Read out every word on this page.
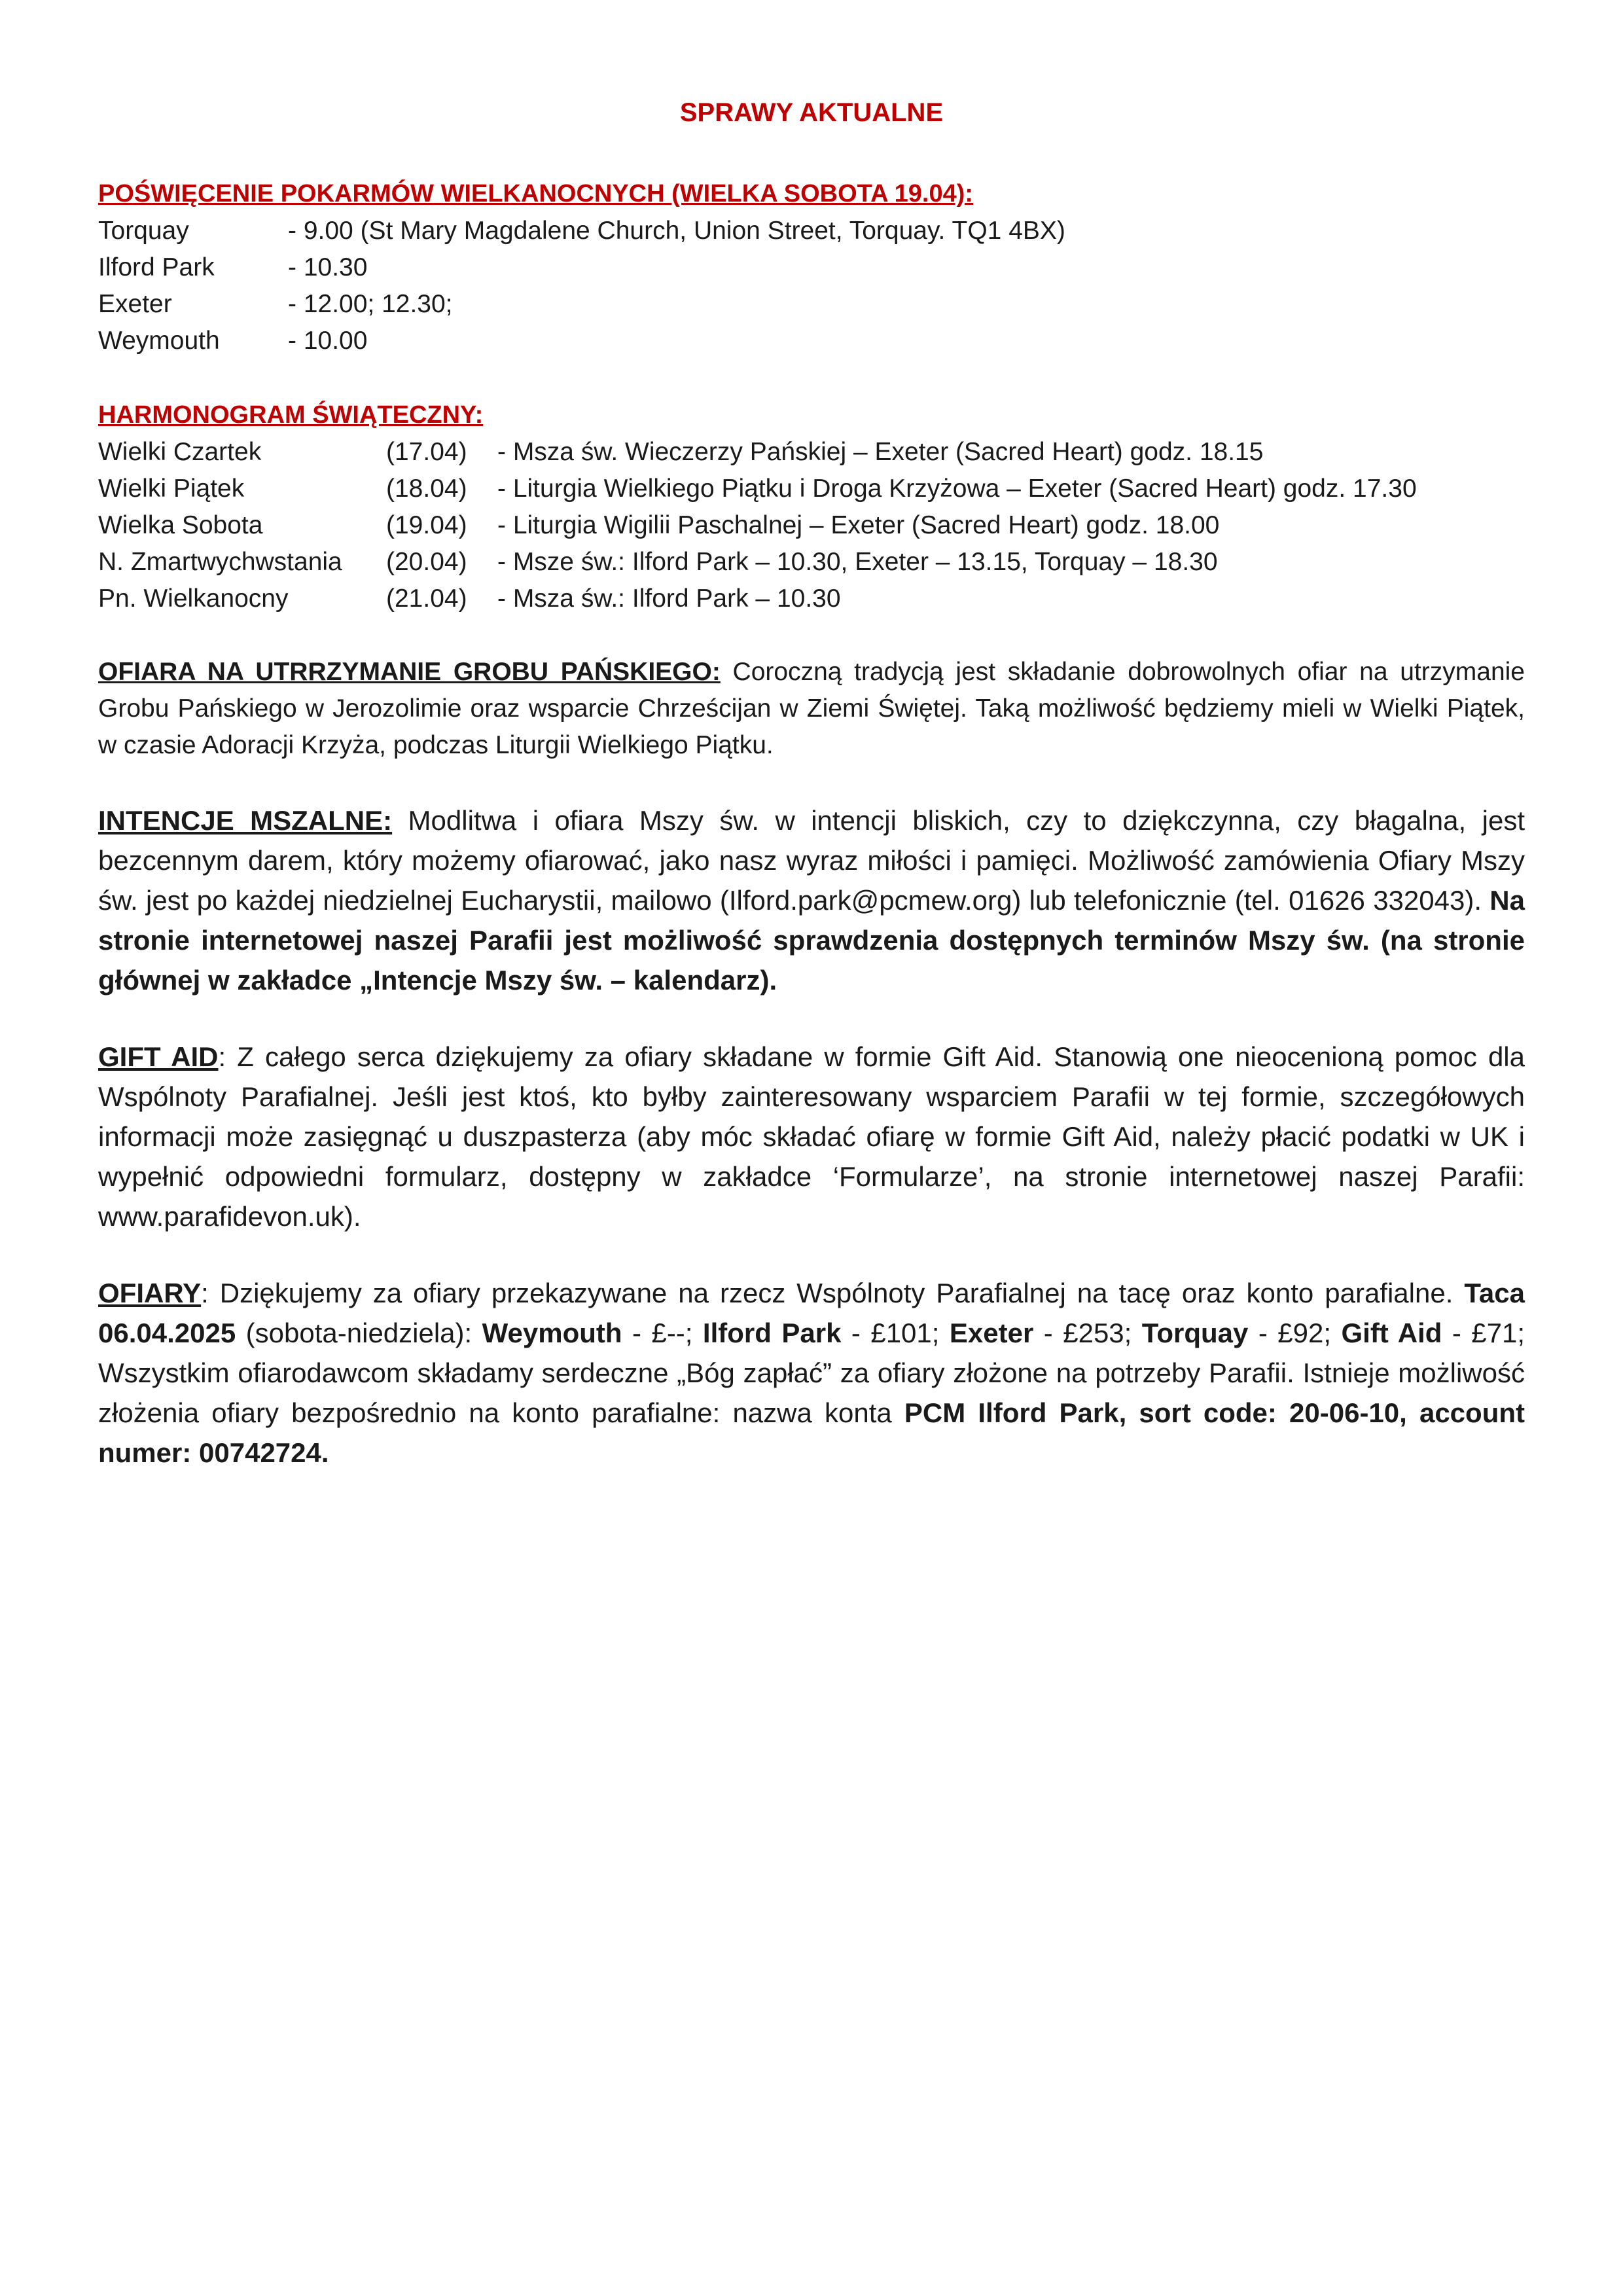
SPRAWY AKTUALNE
POŚWIĘCENIE POKARMÓW WIELKANOCNYCH (WIELKA SOBOTA 19.04):
Torquay	- 9.00 (St Mary Magdalene Church, Union Street, Torquay. TQ1 4BX)
Ilford Park	- 10.30
Exeter	- 12.00; 12.30;
Weymouth	- 10.00
HARMONOGRAM ŚWIĄTECZNY:
Wielki Czartek	(17.04)	- Msza św. Wieczerzy Pańskiej – Exeter (Sacred Heart) godz. 18.15
Wielki Piątek	(18.04)	- Liturgia Wielkiego Piątku i Droga Krzyżowa – Exeter (Sacred Heart) godz. 17.30
Wielka Sobota	(19.04)	- Liturgia Wigilii Paschalnej – Exeter (Sacred Heart) godz. 18.00
N. Zmartwychwstania	(20.04)	- Msze św.: Ilford Park – 10.30, Exeter – 13.15, Torquay – 18.30
Pn. Wielkanocny	(21.04)	- Msza św.: Ilford Park – 10.30

OFIARA NA UTRRZYMANIE GROBU PAŃSKIEGO: Coroczną tradycją jest składanie dobrowolnych ofiar na utrzymanie Grobu Pańskiego w Jerozolimie oraz wsparcie Chrześcijan w Ziemi Świętej. Taką możliwość będziemy mieli w Wielki Piątek, w czasie Adoracji Krzyża, podczas Liturgii Wielkiego Piątku.

INTENCJE MSZALNE: Modlitwa i ofiara Mszy św. w intencji bliskich, czy to dziękczynna, czy błagalna, jest bezcennym darem, który możemy ofiarować, jako nasz wyraz miłości i pamięci. Możliwość zamówienia Ofiary Mszy św. jest po każdej niedzielnej Eucharystii, mailowo (Ilford.park@pcmew.org) lub telefonicznie (tel. 01626 332043). Na stronie internetowej naszej Parafii jest możliwość sprawdzenia dostępnych terminów Mszy św. (na stronie głównej w zakładce „Intencje Mszy św. – kalendarz).

GIFT AID: Z całego serca dziękujemy za ofiary składane w formie Gift Aid. Stanowią one nieocenioną pomoc dla Wspólnoty Parafialnej. Jeśli jest ktoś, kto byłby zainteresowany wsparciem Parafii w tej formie, szczegółowych informacji może zasięgnąć u duszpasterza (aby móc składać ofiarę w formie Gift Aid, należy płacić podatki w UK i wypełnić odpowiedni formularz, dostępny w zakładce ‘Formularze’, na stronie internetowej naszej Parafii: www.parafidevon.uk).

OFIARY: Dziękujemy za ofiary przekazywane na rzecz Wspólnoty Parafialnej na tacę oraz konto parafialne. Taca 06.04.2025 (sobota-niedziela): Weymouth - £--; Ilford Park - £101; Exeter - £253; Torquay - £92; Gift Aid - £71; Wszystkim ofiarodawcom składamy serdeczne „Bóg zapłać” za ofiary złożone na potrzeby Parafii. Istnieje możliwość złożenia ofiary bezpośrednio na konto parafialne: nazwa konta PCM Ilford Park, sort code: 20-06-10, account numer: 00742724.
